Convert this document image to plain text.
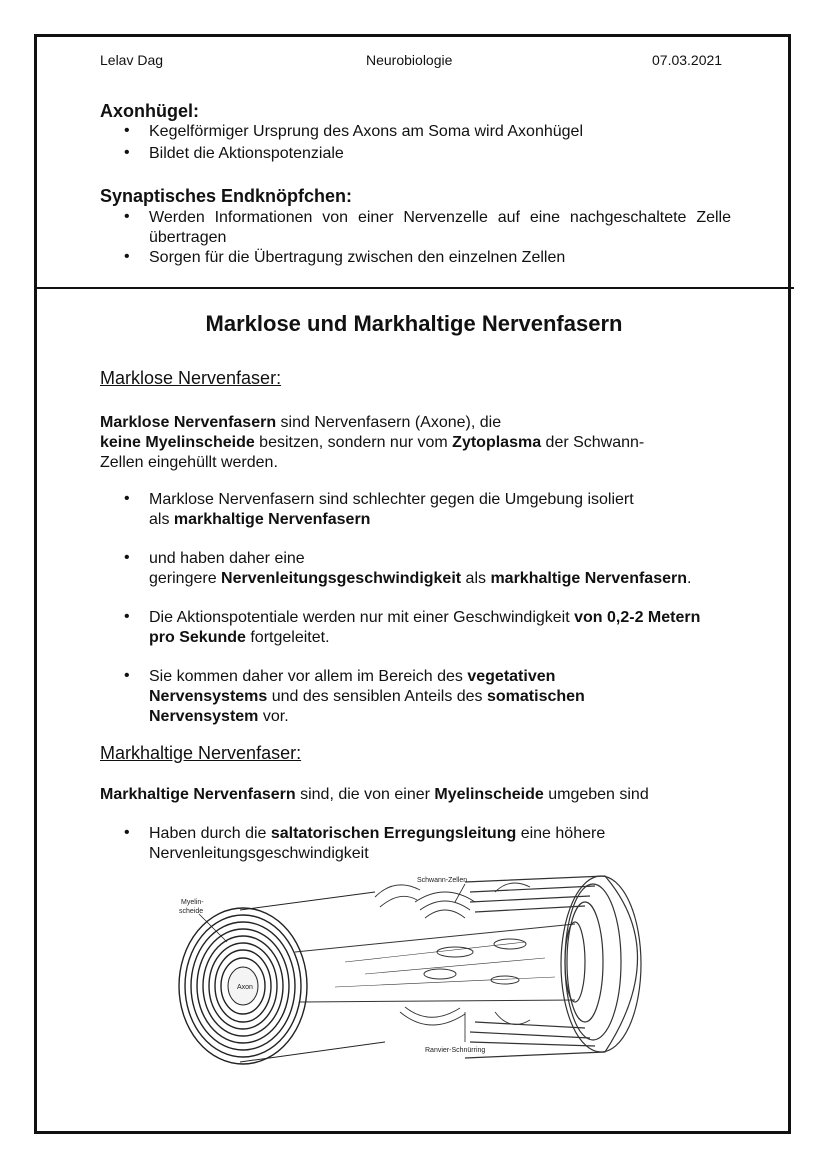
Lelav Dag	Neurobiologie	07.03.2021
Axonhügel:
• Kegelförmiger Ursprung des Axons am Soma wird Axonhügel
• Bildet die Aktionspotenziale
Synaptisches Endknöpfchen:
• Werden Informationen von einer Nervenzelle auf eine nachgeschaltete Zelle
übertragen
• Sorgen für die Übertragung zwischen den einzelnen Zellen
Marklose und Markhaltige Nervenfasern
Marklose Nervenfaser:
Marklose Nervenfasern sind Nervenfasern (Axone), die
keine Myelinscheide besitzen, sondern nur vom Zytoplasma der Schwann-
Zellen eingehüllt werden.
• Marklose Nervenfasern sind schlechter gegen die Umgebung isoliert
als markhaltige Nervenfasern
• und haben daher eine
geringere Nervenleitungsgeschwindigkeit als markhaltige Nervenfasern.
• Die Aktionspotentiale werden nur mit einer Geschwindigkeit von 0,2-2 Metern
pro Sekunde fortgeleitet.
• Sie kommen daher vor allem im Bereich des vegetativen
Nervensystems und des sensiblen Anteils des somatischen
Nervensystem vor.
Markhaltige Nervenfaser:
Markhaltige Nervenfasern sind, die von einer Myelinscheide umgeben sind
• Haben durch die saltatorischen Erregungsleitung eine höhere
Nervenleitungsgeschwindigkeit
Myelin-
scheide
Axon
Schwann-Zellen
Ranvier-Schnürring
